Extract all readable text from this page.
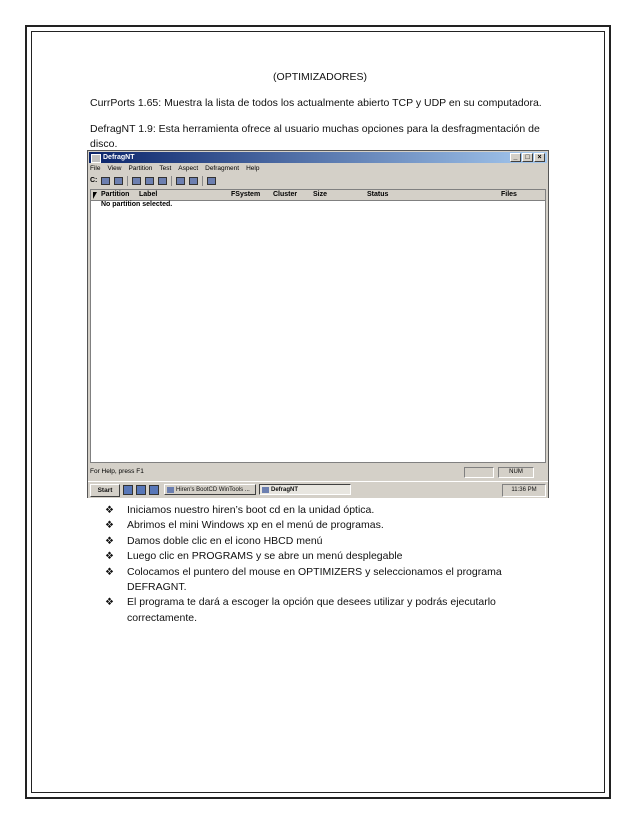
(OPTIMIZADORES)
CurrPorts 1.65: Muestra la lista de todos los actualmente abierto TCP y UDP en su computadora.
DefragNT 1.9: Esta herramienta ofrece al usuario muchas opciones para la desfragmentación de disco.
DefragNT	_	□	×
File View Partition Test Aspect Defragment Help
C:
Partition Label	FSystem Cluster Size	Status	Files
No partition selected.
For Help, press F1	NUM
Start	Hiren's BootCD WinTools ...	DefragNT	11:36 PM
❖ Iniciamos nuestro hiren’s boot cd en la unidad óptica.
❖ Abrimos el mini Windows xp en el menú de programas.
❖ Damos doble clic en el icono HBCD menú
❖ Luego clic en PROGRAMS y se abre un menú desplegable
❖ Colocamos el puntero del mouse en OPTIMIZERS y seleccionamos el programa DEFRAGNT.
❖ El programa te dará a escoger la opción que desees utilizar y podrás ejecutarlo correctamente.
